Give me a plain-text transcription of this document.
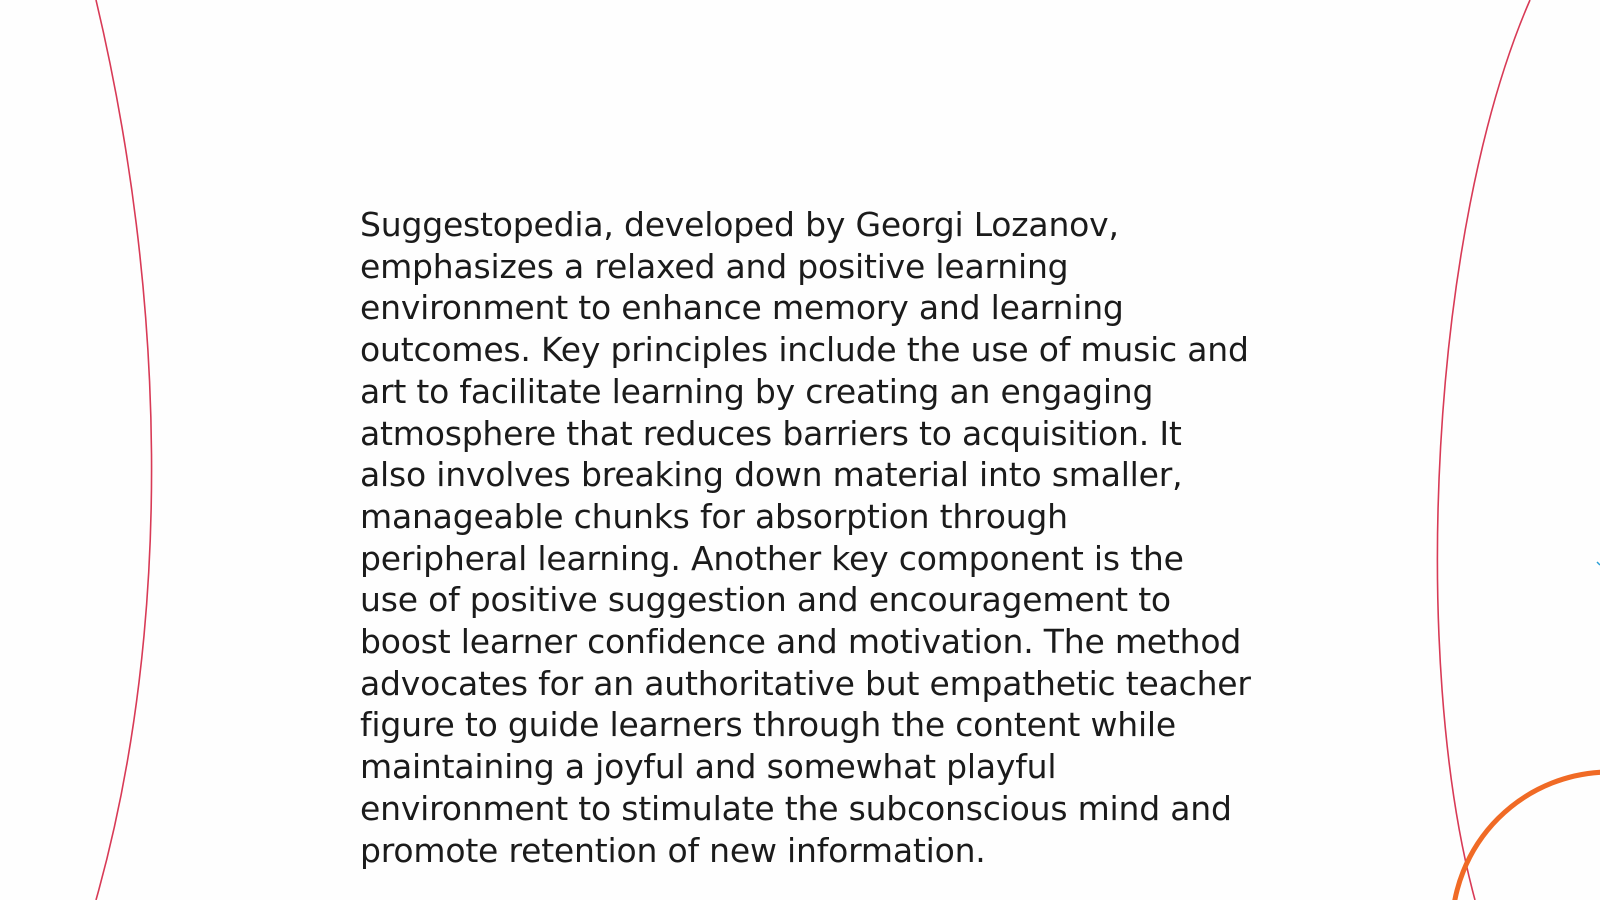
Suggestopedia, developed by Georgi Lozanov,
emphasizes a relaxed and positive learning
environment to enhance memory and learning
outcomes. Key principles include the use of music and
art to facilitate learning by creating an engaging
atmosphere that reduces barriers to acquisition. It
also involves breaking down material into smaller,
manageable chunks for absorption through
peripheral learning. Another key component is the
use of positive suggestion and encouragement to
boost learner confidence and motivation. The method
advocates for an authoritative but empathetic teacher
figure to guide learners through the content while
maintaining a joyful and somewhat playful
environment to stimulate the subconscious mind and
promote retention of new information.
